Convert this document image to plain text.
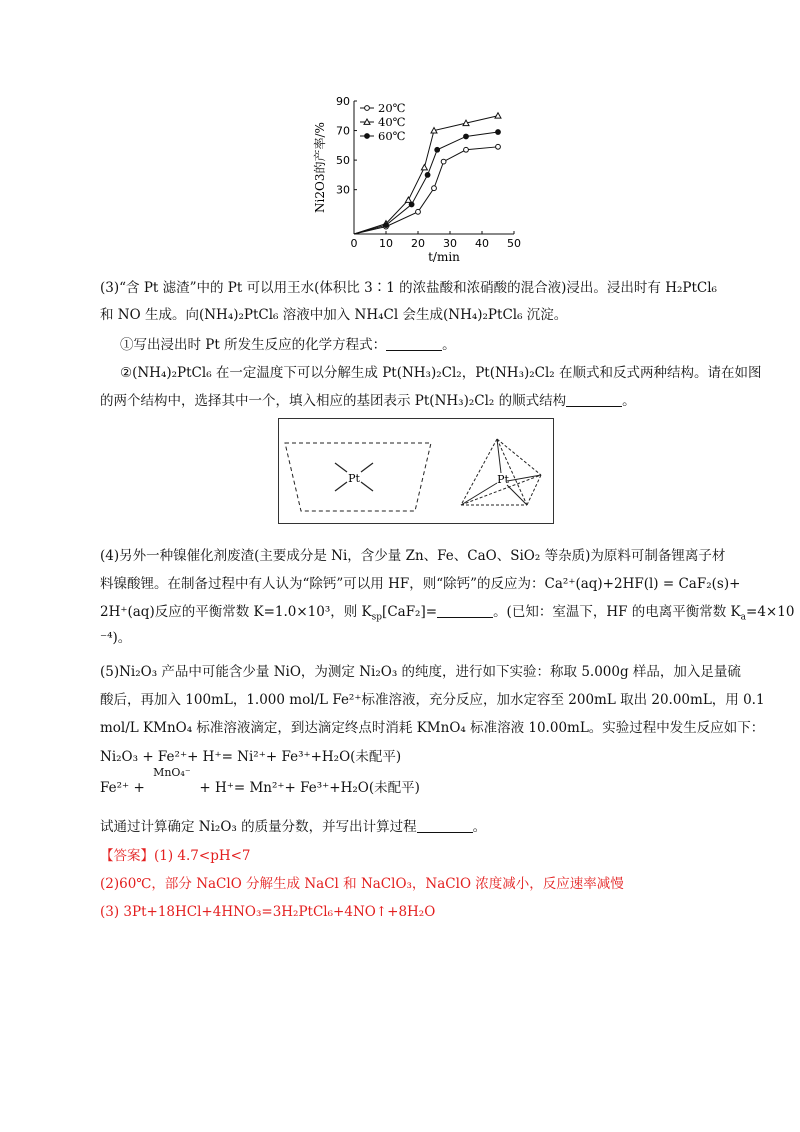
0 10 20 30 40 50
30
50
70
90
t/min
Ni2O3的产率/%
20℃
40℃
60℃
(3)“含 Pt 滤渣”中的 Pt 可以用王水(体积比 3∶1 的浓盐酸和浓硝酸的混合液)浸出。浸出时有 H₂PtCl₆
和 NO 生成。向(NH₄)₂PtCl₆ 溶液中加入 NH₄Cl 会生成(NH₄)₂PtCl₆ 沉淀。
①写出浸出时 Pt 所发生反应的化学方程式：	。
②(NH₄)₂PtCl₆ 在一定温度下可以分解生成 Pt(NH₃)₂Cl₂，Pt(NH₃)₂Cl₂ 在顺式和反式两种结构。请在如图
的两个结构中，选择其中一个，填入相应的基团表示 Pt(NH₃)₂Cl₂ 的顺式结构	。
Pt	Pt
(4)另外一种镍催化剂废渣(主要成分是 Ni，含少量 Zn、Fe、CaO、SiO₂ 等杂质)为原料可制备锂离子材
料镍酸锂。在制备过程中有人认为“除钙”可以用 HF，则“除钙”的反应为：Ca²⁺(aq)+2HF(l) = CaF₂(s)+
2H⁺(aq)反应的平衡常数 K=1.0×10³，则 $K_{sp}[CaF_2]=$	。(已知：室温下，HF 的电离平衡常数 $K_a=4\times 10$
⁻⁴)。
(5)Ni₂O₃ 产品中可能含少量 NiO，为测定 Ni₂O₃ 的纯度，进行如下实验：称取 5.000g 样品，加入足量硫
酸后，再加入 100mL，1.000 mol/L Fe²⁺标准溶液，充分反应，加水定容至 200mL 取出 20.00mL，用 0.1
mol/L KMnO₄ 标准溶液滴定，到达滴定终点时消耗 KMnO₄ 标准溶液 10.00mL。实验过程中发生反应如下：
Ni₂O₃ + Fe²⁺+ H⁺= Ni²⁺+ Fe³⁺+H₂O(未配平)
Fe²⁺ +
MnO₄⁻
+ H⁺= Mn²⁺+ Fe³⁺+H₂O(未配平)
试通过计算确定 Ni₂O₃ 的质量分数，并写出计算过程	。
【答案】(1) 4.7<pH<7
(2)60℃，部分 NaClO 分解生成 NaCl 和 NaClO₃，NaClO 浓度减小，反应速率减慢
(3) 3Pt+18HCl+4HNO₃=3H₂PtCl₆+4NO↑+8H₂O
